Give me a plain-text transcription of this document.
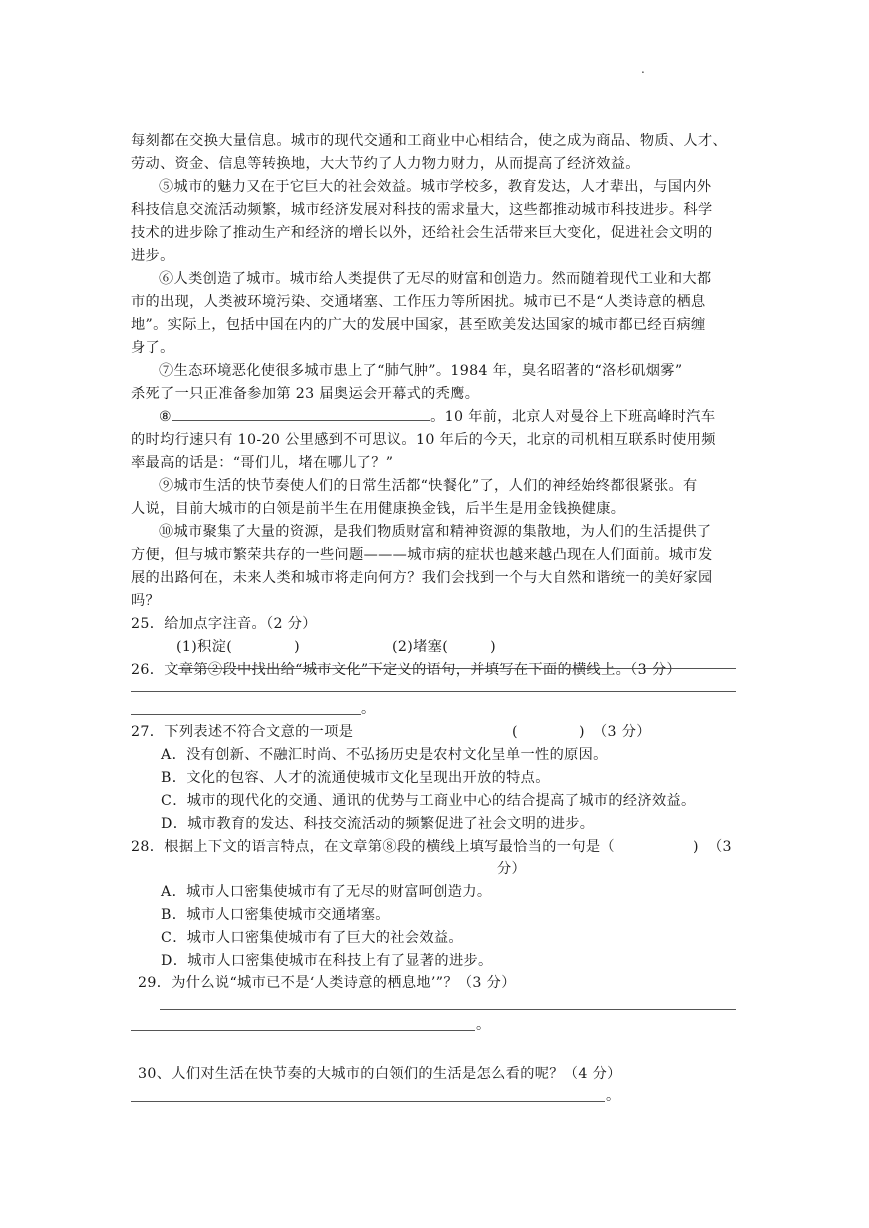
.
每刻都在交换大量信息。城市的现代交通和工商业中心相结合，使之成为商品、物质、人才、
劳动、资金、信息等转换地，大大节约了人力物力财力，从而提高了经济效益。
⑤城市的魅力又在于它巨大的社会效益。城市学校多，教育发达，人才辈出，与国内外
科技信息交流活动频繁，城市经济发展对科技的需求量大，这些都推动城市科技进步。科学
技术的进步除了推动生产和经济的增长以外，还给社会生活带来巨大变化，促进社会文明的
进步。
⑥人类创造了城市。城市给人类提供了无尽的财富和创造力。然而随着现代工业和大都
市的出现，人类被环境污染、交通堵塞、工作压力等所困扰。城市已不是“人类诗意的栖息
地”。实际上，包括中国在内的广大的发展中国家，甚至欧美发达国家的城市都已经百病缠
身了。
⑦生态环境恶化使很多城市患上了“肺气肿”。1984 年，臭名昭著的“洛杉矶烟雾”
杀死了一只正准备参加第 23 届奥运会开幕式的秃鹰。
⑧	。10 年前，北京人对曼谷上下班高峰时汽车
的时均行速只有 10-20 公里感到不可思议。10 年后的今天，北京的司机相互联系时使用频
率最高的话是：“哥们儿，堵在哪儿了？”
⑨城市生活的快节奏使人们的日常生活都“快餐化”了，人们的神经始终都很紧张。有
人说，目前大城市的白领是前半生在用健康换金钱，后半生是用金钱换健康。
⑩城市聚集了大量的资源，是我们物质财富和精神资源的集散地，为人们的生活提供了
方便，但与城市繁荣共存的一些问题———城市病的症状也越来越凸现在人们面前。城市发
展的出路何在，未来人类和城市将走向何方？我们会找到一个与大自然和谐统一的美好家园
吗？
25．给加点字注音。（2 分）
(1)积淀(	)	(2)堵塞(	)
26．文章第②段中找出给“城市文化”下定义的语句，并填写在下面的横线上。（3 分）
。
27．下列表述不符合文意的一项是	(	) （3 分）
A．没有创新、不融汇时尚、不弘扬历史是农村文化呈单一性的原因。
B．文化的包容、人才的流通使城市文化呈现出开放的特点。
C．城市的现代化的交通、通讯的优势与工商业中心的结合提高了城市的经济效益。
D．城市教育的发达、科技交流活动的频繁促进了社会文明的进步。
28．根据上下文的语言特点，在文章第⑧段的横线上填写最恰当的一句是（	) （3
分）
A．城市人口密集使城市有了无尽的财富呵创造力。
B．城市人口密集使城市交通堵塞。
C．城市人口密集使城市有了巨大的社会效益。
D．城市人口密集使城市在科技上有了显著的进步。
29．为什么说“城市已不是‘人类诗意的栖息地’”？（3 分）
。
30、人们对生活在快节奏的大城市的白领们的生活是怎么看的呢？（4 分）
。
